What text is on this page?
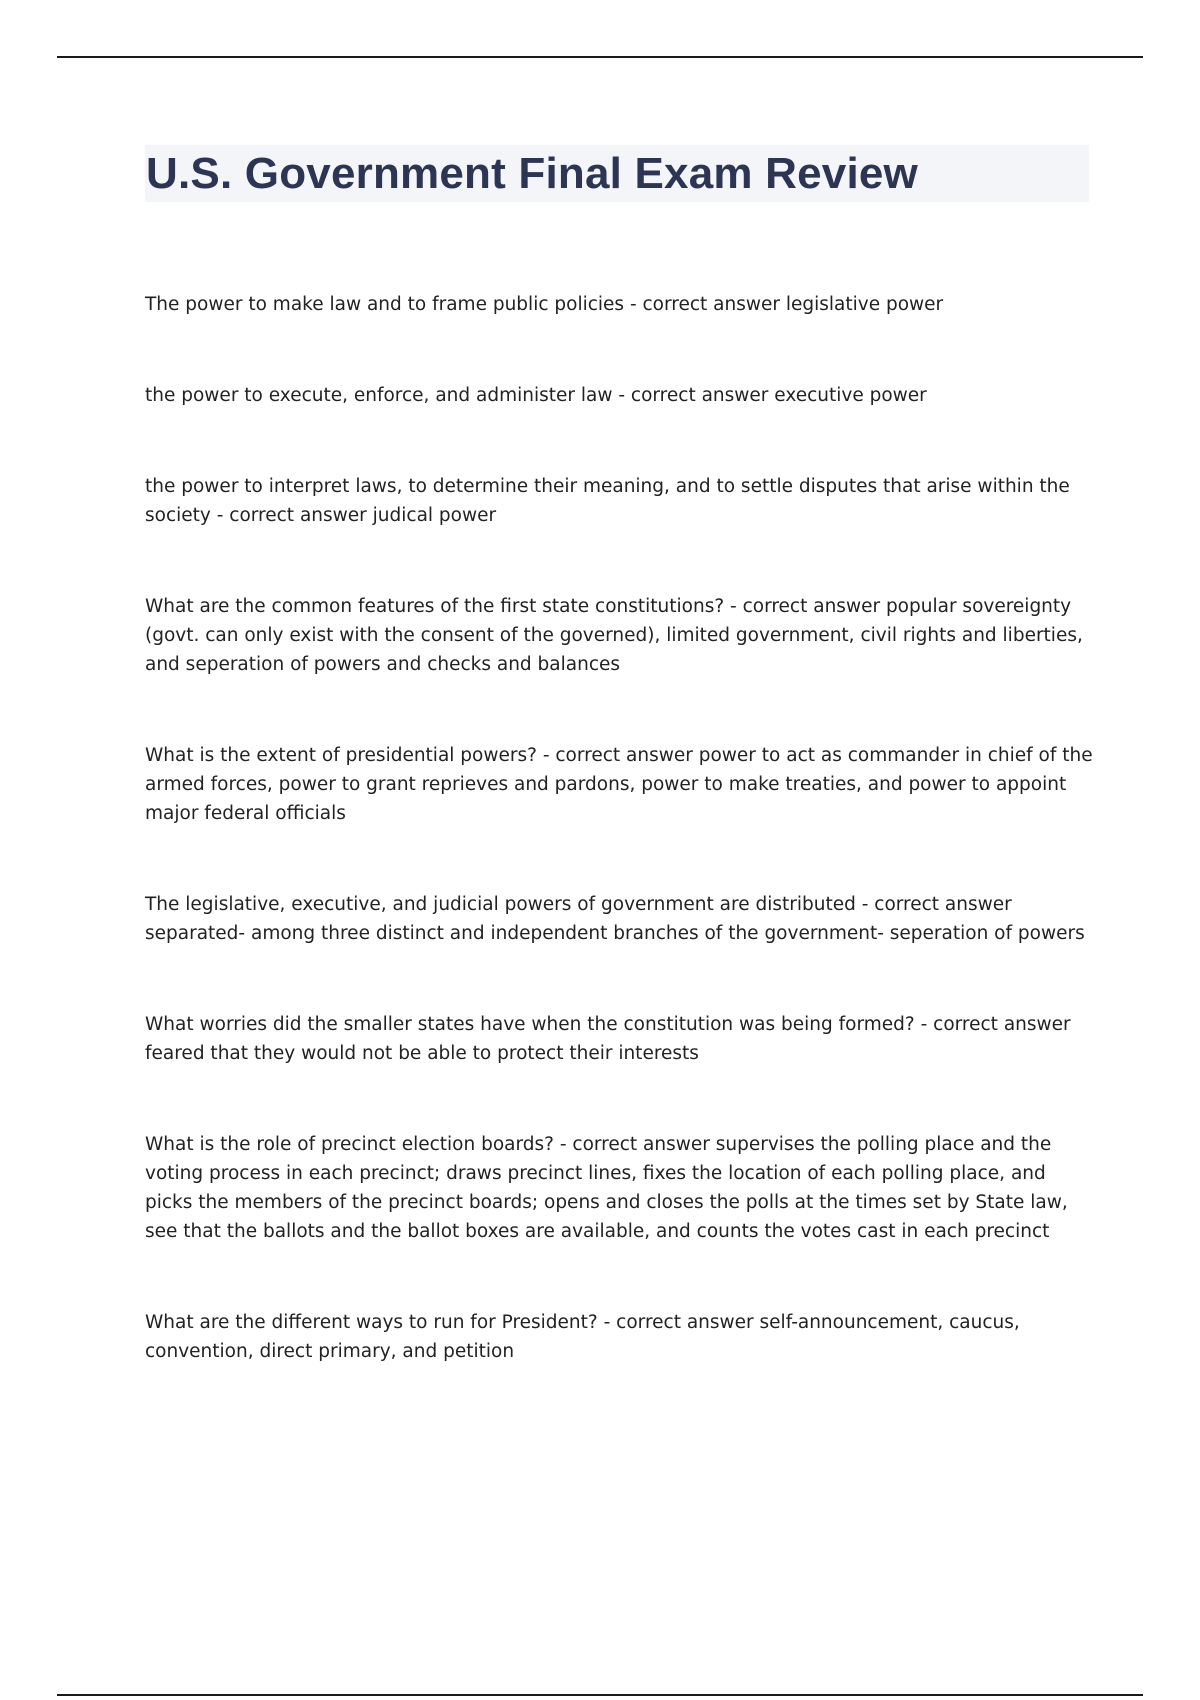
U.S. Government Final Exam Review
The power to make law and to frame public policies - correct answer legislative power
the power to execute, enforce, and administer law - correct answer executive power
the power to interpret laws, to determine their meaning, and to settle disputes that arise within the society - correct answer judical power
What are the common features of the first state constitutions? - correct answer popular sovereignty (govt. can only exist with the consent of the governed), limited government, civil rights and liberties, and seperation of powers and checks and balances
What is the extent of presidential powers? - correct answer power to act as commander in chief of the armed forces, power to grant reprieves and pardons, power to make treaties, and power to appoint major federal officials
The legislative, executive, and judicial powers of government are distributed - correct answer separated- among three distinct and independent branches of the government- seperation of powers
What worries did the smaller states have when the constitution was being formed? - correct answer feared that they would not be able to protect their interests
What is the role of precinct election boards? - correct answer supervises the polling place and the voting process in each precinct; draws precinct lines, fixes the location of each polling place, and picks the members of the precinct boards; opens and closes the polls at the times set by State law, see that the ballots and the ballot boxes are available, and counts the votes cast in each precinct
What are the different ways to run for President? - correct answer self-announcement, caucus, convention, direct primary, and petition
